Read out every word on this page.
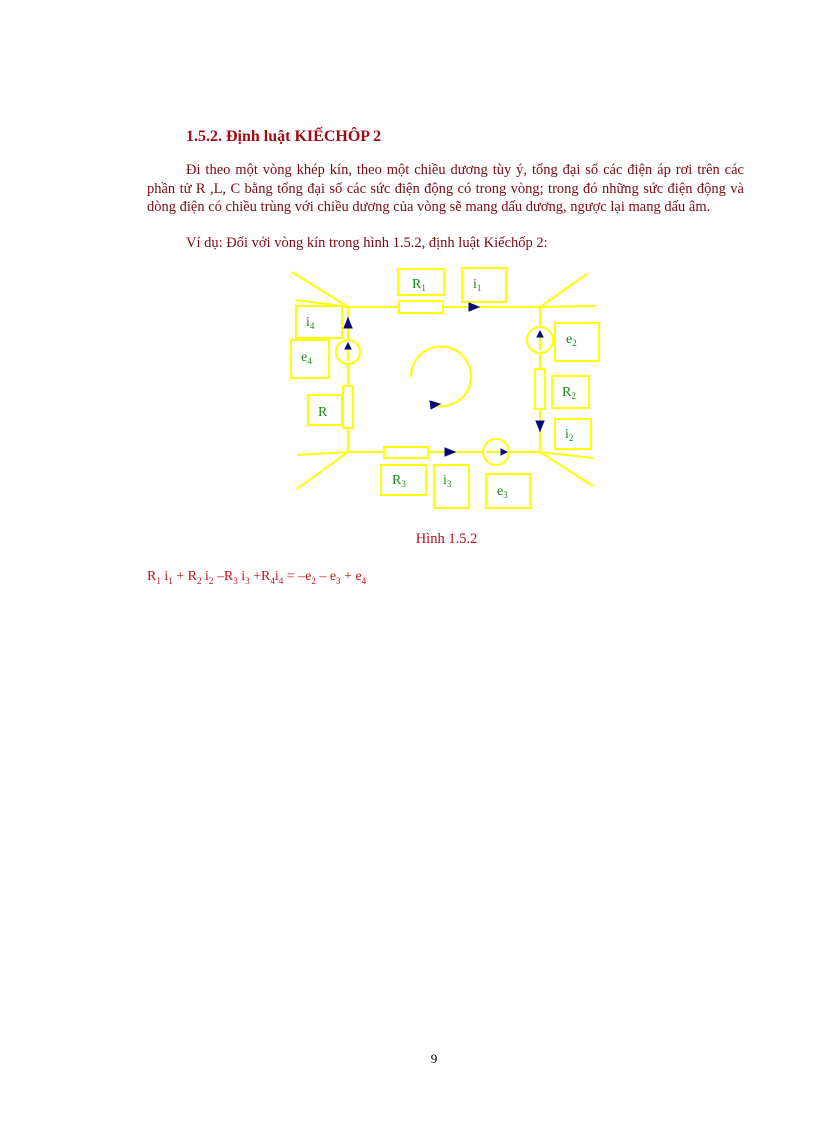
1.5.2. Định luật KIẾCHÔP 2
Đi theo một vòng khép kín, theo một chiều dương tùy ý, tổng đại số các điện áp rơi trên các phần tử R ,L, C bằng tổng đại số các sức điện động có trong vòng; trong đó những sức điện động và dòng điện có chiều trùng với chiều dương của vòng sẽ mang dấu dương, ngược lại mang dấu âm.
Ví dụ: Đối với vòng kín trong hình 1.5.2, định luật Kiếchốp 2:
$R_1$	$i_1$
$i_4$
$e_4$
$e_2$
$R_2$
R
$i_2$
$R_3$	$i_3$	$e_3$
Hình 1.5.2
$R_1$ $i_1 + R_2$ $i_2$ $-R_3$ $i_3 +R_4i_4 = -e_2 - e_3 + e_4$
9
